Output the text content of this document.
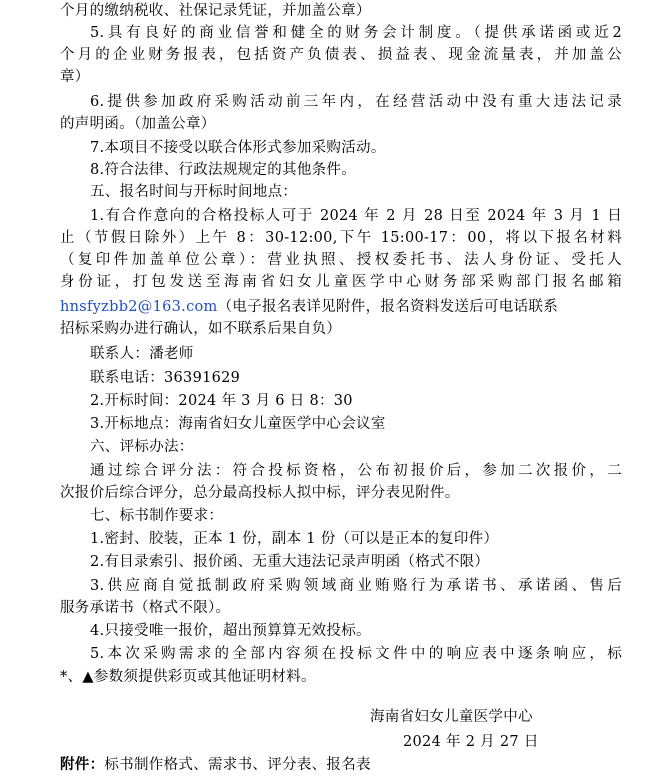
个月的缴纳税收、社保记录凭证，并加盖公章）
5.具有良好的商业信誉和健全的财务会计制度。（提供承诺函或近2
个月的企业财务报表，包括资产负债表、损益表、现金流量表，并加盖公
章）
6.提供参加政府采购活动前三年内，在经营活动中没有重大违法记录
的声明函。（加盖公章）
7.本项目不接受以联合体形式参加采购活动。
8.符合法律、行政法规规定的其他条件。
五、报名时间与开标时间地点：
1.有合作意向的合格投标人可于 2024 年 2 月 28 日至 2024 年 3 月 1 日
止（节假日除外）上午 8：30-12:00,下午 15:00-17：00，将以下报名材料
（复印件加盖单位公章）：营业执照、授权委托书、法人身份证、受托人
身份证，打包发送至海南省妇女儿童医学中心财务部采购部门报名邮箱
hnsfyzbb2@163.com（电子报名表详见附件，报名资料发送后可电话联系
招标采购办进行确认，如不联系后果自负）
联系人：潘老师
联系电话：36391629
2.开标时间：2024 年 3 月 6 日 8：30
3.开标地点：海南省妇女儿童医学中心会议室
六、评标办法：
通过综合评分法：符合投标资格，公布初报价后，参加二次报价，二
次报价后综合评分，总分最高投标人拟中标，评分表见附件。
七、标书制作要求：
1.密封、胶装，正本 1 份，副本 1 份（可以是正本的复印件）
2.有目录索引、报价函、无重大违法记录声明函（格式不限）
3.供应商自觉抵制政府采购领域商业贿赂行为承诺书、承诺函、售后
服务承诺书（格式不限）。
4.只接受唯一报价，超出预算算无效投标。
5.本次采购需求的全部内容须在投标文件中的响应表中逐条响应，标
*、▲参数须提供彩页或其他证明材料。
海南省妇女儿童医学中心
2024 年 2 月 27 日
附件：标书制作格式、需求书、评分表、报名表
